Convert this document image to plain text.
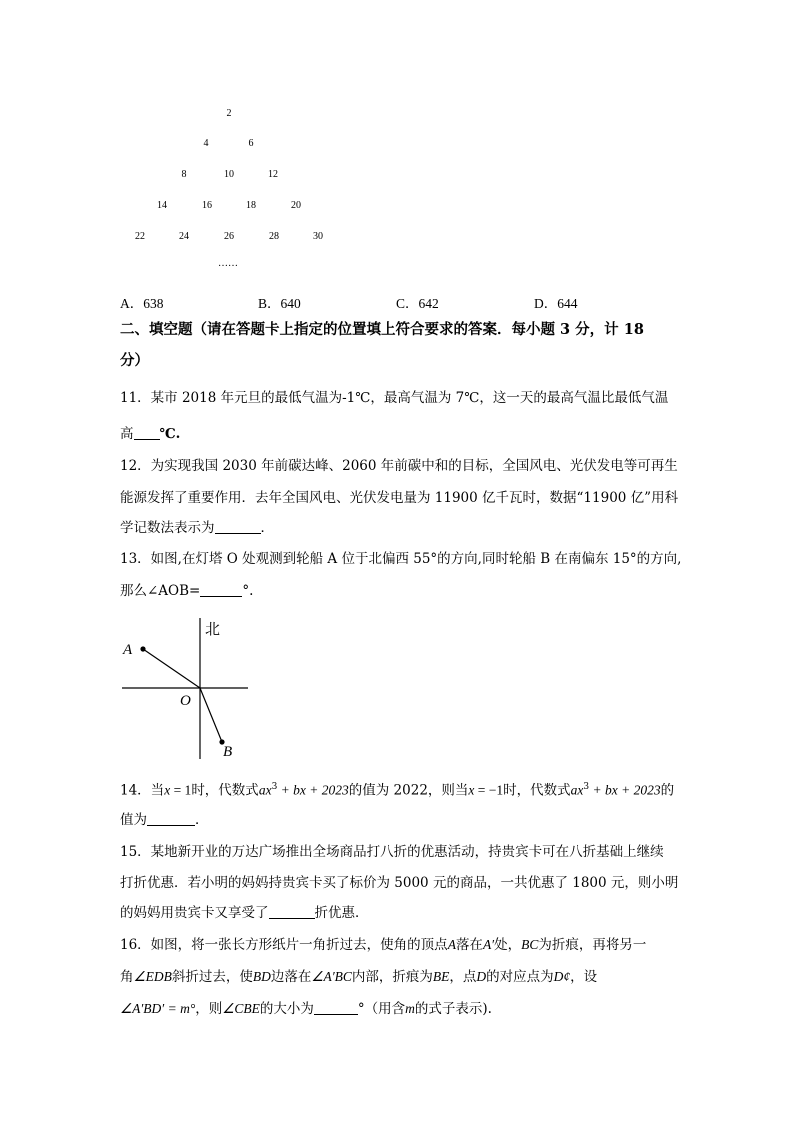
2
4	6
8	10	12
14	16	18	20
22	24	26	28	30
……
A．638	B．640	C．642	D．644
二、填空题（请在答题卡上指定的位置填上符合要求的答案．每小题 3 分，计 18
分）
11．某市 2018 年元旦的最低气温为-1℃，最高气温为 7℃，这一天的最高气温比最低气温
高 ℃.
12．为实现我国 2030 年前碳达峰、2060 年前碳中和的目标，全国风电、光伏发电等可再生
能源发挥了重要作用．去年全国风电、光伏发电量为 11900 亿千瓦时，数据“11900 亿”用科
学记数法表示为	．
13．如图,在灯塔 O 处观测到轮船 A 位于北偏西 55°的方向,同时轮船 B 在南偏东 15°的方向,
那么∠AOB=	°.
北
A
O
B
14．当x = 1时，代数式$ax^3$ + bx + 2023的值为 2022，则当x = −1时，代数式$ax^3$ + bx + 2023的
值为	．
15．某地新开业的万达广场推出全场商品打八折的优惠活动，持贵宾卡可在八折基础上继续
打折优惠．若小明的妈妈持贵宾卡买了标价为 5000 元的商品，一共优惠了 1800 元，则小明
的妈妈用贵宾卡又享受了	折优惠．
16．如图，将一张长方形纸片一角折过去，使角的顶点A落在A′处，BC为折痕，再将另一
角∠EDB斜折过去，使BD边落在∠A′BC内部，折痕为BE，点D的对应点为D¢，设
∠A′BD′ = m°，则∠CBE的大小为	°（用含m的式子表示).
